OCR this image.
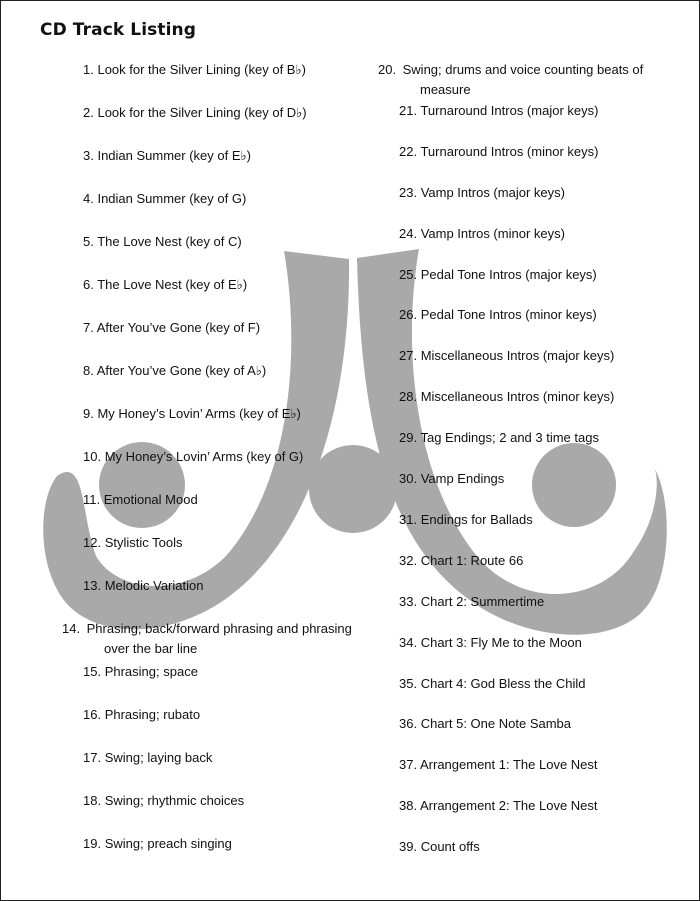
CD Track Listing
1. Look for the Silver Lining (key of B♭)
2. Look for the Silver Lining (key of D♭)
3. Indian Summer (key of E♭)
4. Indian Summer (key of G)
5. The Love Nest (key of C)
6. The Love Nest (key of E♭)
7. After You’ve Gone (key of F)
8. After You’ve Gone (key of A♭)
9. My Honey’s Lovin’ Arms (key of E♭)
10. My Honey’s Lovin’ Arms (key of G)
11. Emotional Mood
12. Stylistic Tools
13. Melodic Variation
14. Phrasing; back/forward phrasing and phrasing over the bar line
15. Phrasing; space
16. Phrasing; rubato
17. Swing; laying back
18. Swing; rhythmic choices
19. Swing; preach singing
20. Swing; drums and voice counting beats of measure
21. Turnaround Intros (major keys)
22. Turnaround Intros (minor keys)
23. Vamp Intros (major keys)
24. Vamp Intros (minor keys)
25. Pedal Tone Intros (major keys)
26. Pedal Tone Intros (minor keys)
27. Miscellaneous Intros (major keys)
28. Miscellaneous Intros (minor keys)
29. Tag Endings; 2 and 3 time tags
30. Vamp Endings
31. Endings for Ballads
32. Chart 1: Route 66
33. Chart 2: Summertime
34. Chart 3: Fly Me to the Moon
35. Chart 4: God Bless the Child
36. Chart 5: One Note Samba
37. Arrangement 1: The Love Nest
38. Arrangement 2: The Love Nest
39. Count offs
